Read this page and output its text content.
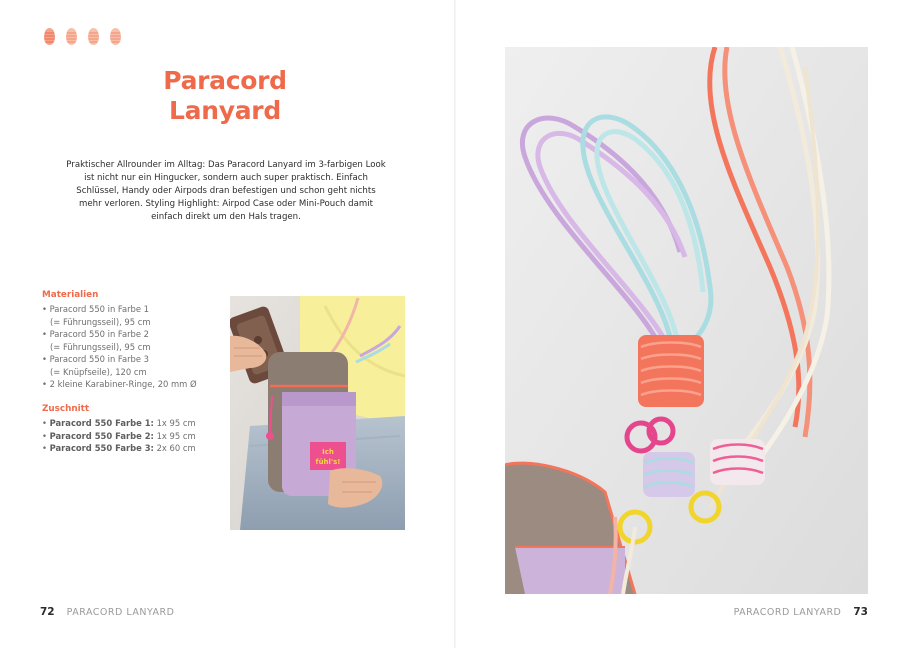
Paracord
Lanyard

Praktischer Allrounder im Alltag: Das Paracord Lanyard im 3-farbigen Look ist nicht nur ein Hingucker, sondern auch super praktisch. Einfach Schlüssel, Handy oder Airpods dran befestigen und schon geht nichts mehr verloren. Styling Highlight: Airpod Case oder Mini-Pouch damit einfach direkt um den Hals tragen.

Materialien
• Paracord 550 in Farbe 1
(= Führungsseil), 95 cm
• Paracord 550 in Farbe 2
(= Führungsseil), 95 cm
• Paracord 550 in Farbe 3
(= Knüpfseile), 120 cm
• 2 kleine Karabiner-Ringe, 20 mm Ø
Zuschnitt
• Paracord 550 Farbe 1: 1x 95 cm
• Paracord 550 Farbe 2: 1x 95 cm
• Paracord 550 Farbe 3: 2x 60 cm	Ich
fühl's!
72 PARACORD LANYARD	PARACORD LANYARD 73
